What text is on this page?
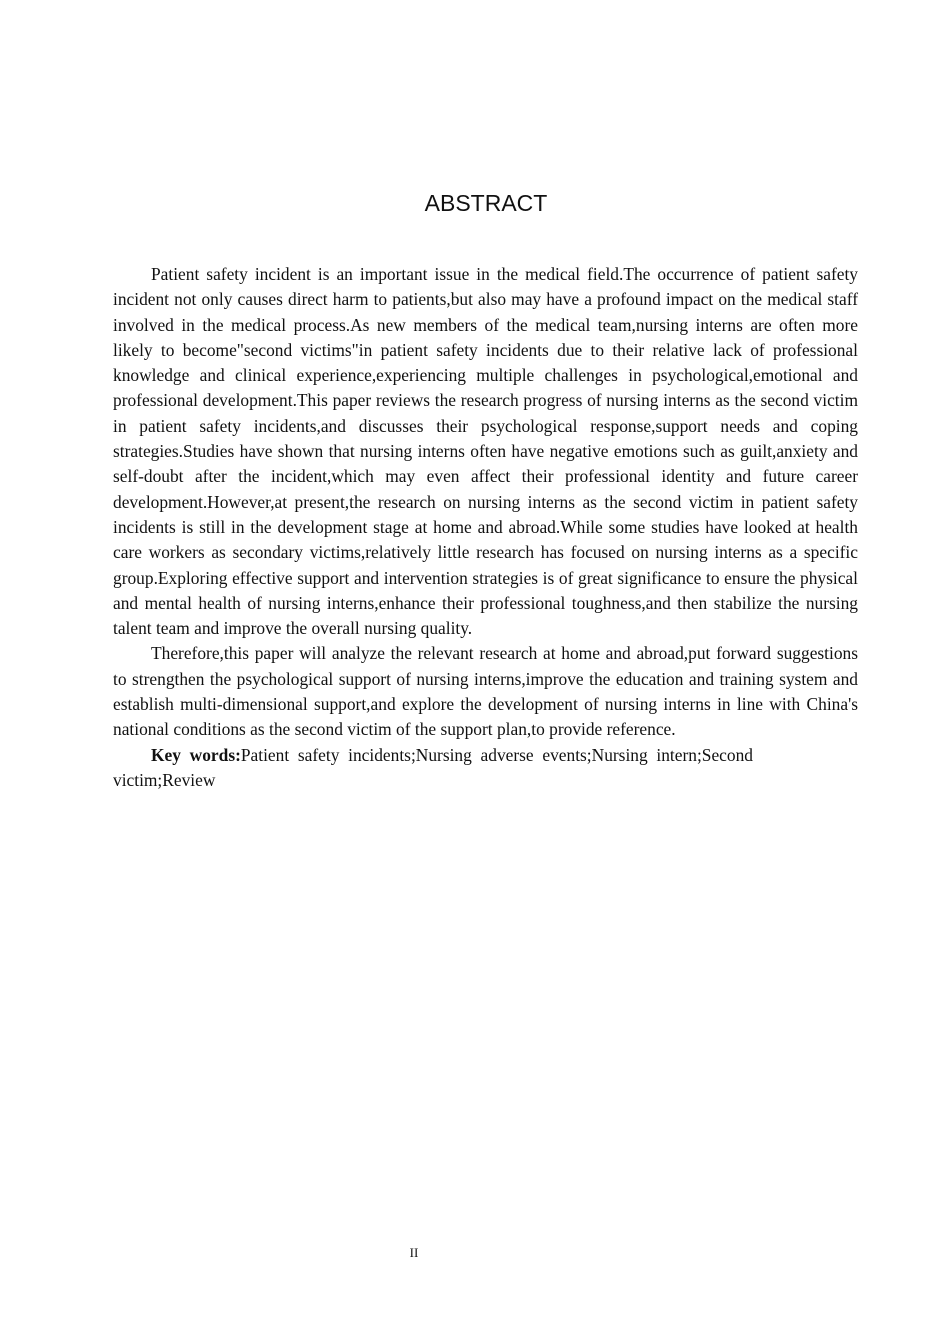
ABSTRACT

Patient safety incident is an important issue in the medical field.The occurrence of patient safety incident not only causes direct harm to patients,but also may have a profound impact on the medical staff involved in the medical process.As new members of the medical team,nursing interns are often more likely to become"second victims"in patient safety incidents due to their relative lack of professional knowledge and clinical experience,experiencing multiple challenges in psychological,emotional and professional development.This paper reviews the research progress of nursing interns as the second victim in patient safety incidents,and discusses their psychological response,support needs and coping strategies.Studies have shown that nursing interns often have negative emotions such as guilt,anxiety and self-doubt after the incident,which may even affect their professional identity and future career development.However,at present,the research on nursing interns as the second victim in patient safety incidents is still in the development stage at home and abroad.While some studies have looked at health care workers as secondary victims,relatively little research has focused on nursing interns as a specific group.Exploring effective support and intervention strategies is of great significance to ensure the physical and mental health of nursing interns,enhance their professional toughness,and then stabilize the nursing talent team and improve the overall nursing quality.

Therefore,this paper will analyze the relevant research at home and abroad,put forward suggestions to strengthen the psychological support of nursing interns,improve the education and training system and establish multi-dimensional support,and explore the development of nursing interns in line with China's national conditions as the second victim of the support plan,to provide reference.

Key words:Patient safety incidents;Nursing adverse events;Nursing intern;Second victim;Review

II
